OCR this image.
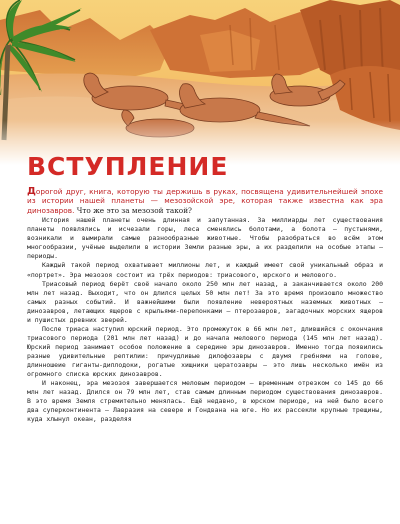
ВСТУПЛЕНИЕ

Дорогой друг, книга, которую ты держишь в руках, посвящена удивительнейшей эпохе из истории нашей планеты — мезозойской эре, которая также известна как эра динозавров. Что же это за мезозой такой?

История нашей планеты очень длинная и запутанная. За миллиарды лет существования планеты появлялись и исчезали горы, леса сменялись болотами, а болота — пустынями, возникали и вымирали самые разнообразные животные. Чтобы разобраться во всём этом многообразии, учёные выделили в истории Земли разные эры, а их разделили на особые этапы — периоды.

Каждый такой период охватывает миллионы лет, и каждый имеет свой уникальный образ и «портрет». Эра мезозоя состоит из трёх периодов: триасового, юрского и мелового.

Триасовый период берёт своё начало около 250 млн лет назад, а заканчивается около 200 млн лет назад. Выходит, что он длился целых 50 млн лет! За это время произошло множество самых разных событий. И важнейшими были появление невероятных наземных животных — динозавров, летающих ящеров с крыльями-перепонками — птерозавров, загадочных морских ящеров и пушистых древних зверей.

После триаса наступил юрский период. Это промежуток в 66 млн лет, длившийся с окончания триасового периода (201 млн лет назад) и до начала мелового периода (145 млн лет назад). Юрский период занимает особое положение в середине эры динозавров. Именно тогда появились разные удивительные рептилии: причудливые дилофозавры с двумя гребнями на голове, длинношеие гиганты-диплодоки, рогатые хищники цератозавры — это лишь несколько имён из огромного списка юрских динозавров.

И наконец, эра мезозоя завершается меловым периодом — временным отрезком со 145 до 66 млн лет назад. Длился он 79 млн лет, став самым длинным периодом существования динозавров. В это время Земля стремительно менялась. Ещё недавно, в юрском периоде, на ней было всего два суперконтинента — Лавразия на севере и Гондвана на юге. Но их рассекли крупные трещины, куда хлынул океан, разделяя
